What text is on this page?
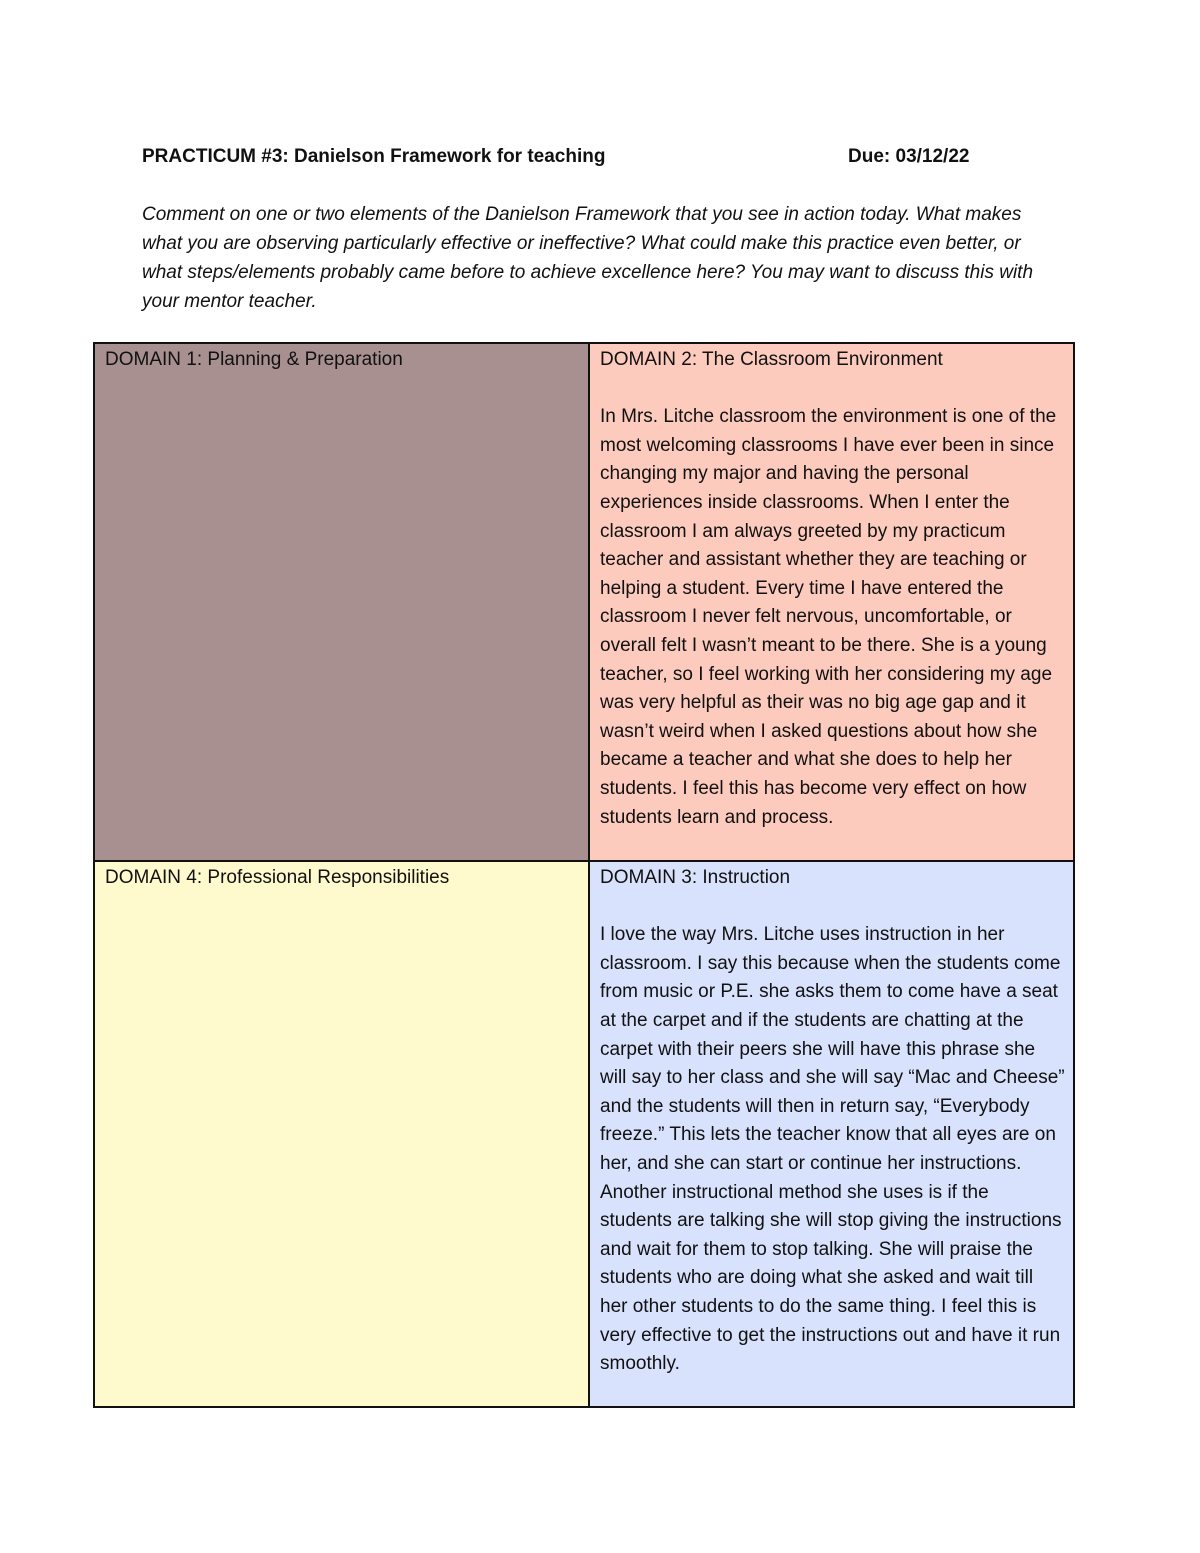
PRACTICUM #3: Danielson Framework for teaching	Due: 03/12/22

Comment on one or two elements of the Danielson Framework that you see in action today. What makes what you are observing particularly effective or ineffective? What could make this practice even better, or what steps/elements probably came before to achieve excellence here? You may want to discuss this with your mentor teacher.

DOMAIN 1: Planning & Preparation	DOMAIN 2: The Classroom Environment
In Mrs. Litche classroom the environment is one of the most welcoming classrooms I have ever been in since changing my major and having the personal experiences inside classrooms. When I enter the classroom I am always greeted by my practicum teacher and assistant whether they are teaching or helping a student. Every time I have entered the classroom I never felt nervous, uncomfortable, or overall felt I wasn’t meant to be there. She is a young teacher, so I feel working with her considering my age was very helpful as their was no big age gap and it wasn’t weird when I asked questions about how she became a teacher and what she does to help her students. I feel this has become very effect on how students learn and process.
DOMAIN 4: Professional Responsibilities	DOMAIN 3: Instruction
I love the way Mrs. Litche uses instruction in her classroom. I say this because when the students come from music or P.E. she asks them to come have a seat at the carpet and if the students are chatting at the carpet with their peers she will have this phrase she will say to her class and she will say “Mac and Cheese” and the students will then in return say, “Everybody freeze.” This lets the teacher know that all eyes are on her, and she can start or continue her instructions. Another instructional method she uses is if the students are talking she will stop giving the instructions and wait for them to stop talking. She will praise the students who are doing what she asked and wait till her other students to do the same thing. I feel this is very effective to get the instructions out and have it run smoothly.
